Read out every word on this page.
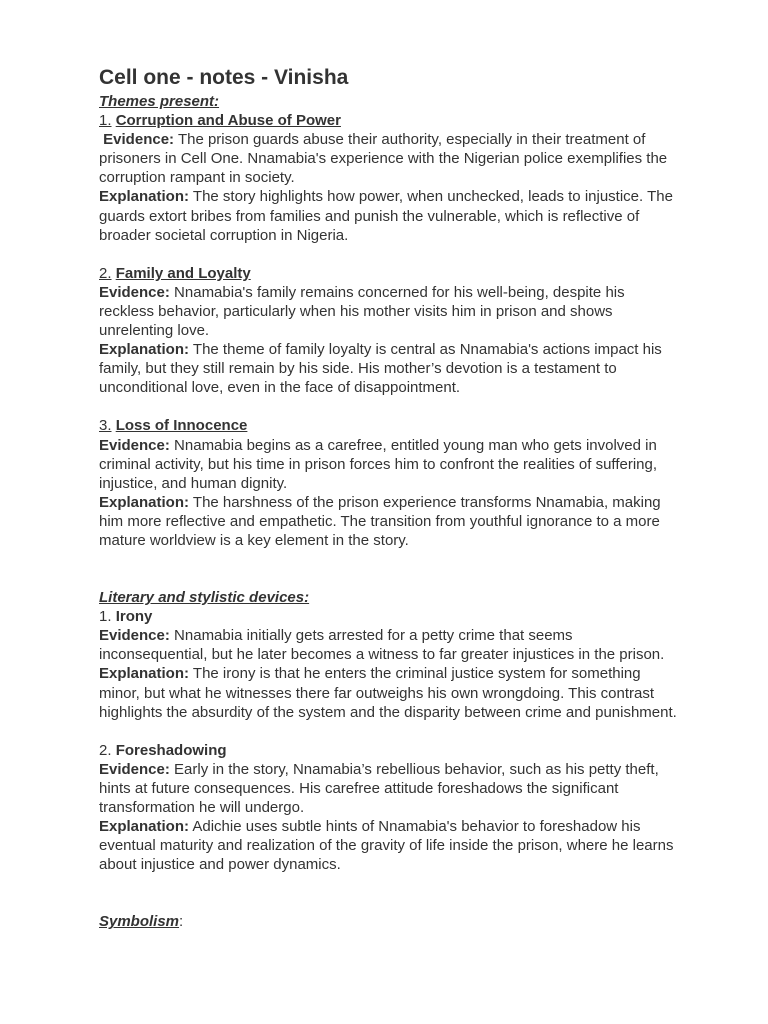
Cell one - notes - Vinisha

Themes present:

1. Corruption and Abuse of Power

Evidence: The prison guards abuse their authority, especially in their treatment of prisoners in Cell One. Nnamabia's experience with the Nigerian police exemplifies the corruption rampant in society.

Explanation: The story highlights how power, when unchecked, leads to injustice. The guards extort bribes from families and punish the vulnerable, which is reflective of broader societal corruption in Nigeria.

2. Family and Loyalty

Evidence: Nnamabia's family remains concerned for his well-being, despite his reckless behavior, particularly when his mother visits him in prison and shows unrelenting love.

Explanation: The theme of family loyalty is central as Nnamabia's actions impact his family, but they still remain by his side. His mother’s devotion is a testament to unconditional love, even in the face of disappointment.

3. Loss of Innocence

Evidence: Nnamabia begins as a carefree, entitled young man who gets involved in criminal activity, but his time in prison forces him to confront the realities of suffering, injustice, and human dignity.

Explanation: The harshness of the prison experience transforms Nnamabia, making him more reflective and empathetic. The transition from youthful ignorance to a more mature worldview is a key element in the story.

Literary and stylistic devices:

1. Irony

Evidence: Nnamabia initially gets arrested for a petty crime that seems inconsequential, but he later becomes a witness to far greater injustices in the prison.

Explanation: The irony is that he enters the criminal justice system for something minor, but what he witnesses there far outweighs his own wrongdoing. This contrast highlights the absurdity of the system and the disparity between crime and punishment.

2. Foreshadowing

Evidence: Early in the story, Nnamabia’s rebellious behavior, such as his petty theft, hints at future consequences. His carefree attitude foreshadows the significant transformation he will undergo.

Explanation: Adichie uses subtle hints of Nnamabia's behavior to foreshadow his eventual maturity and realization of the gravity of life inside the prison, where he learns about injustice and power dynamics.

Symbolism:
